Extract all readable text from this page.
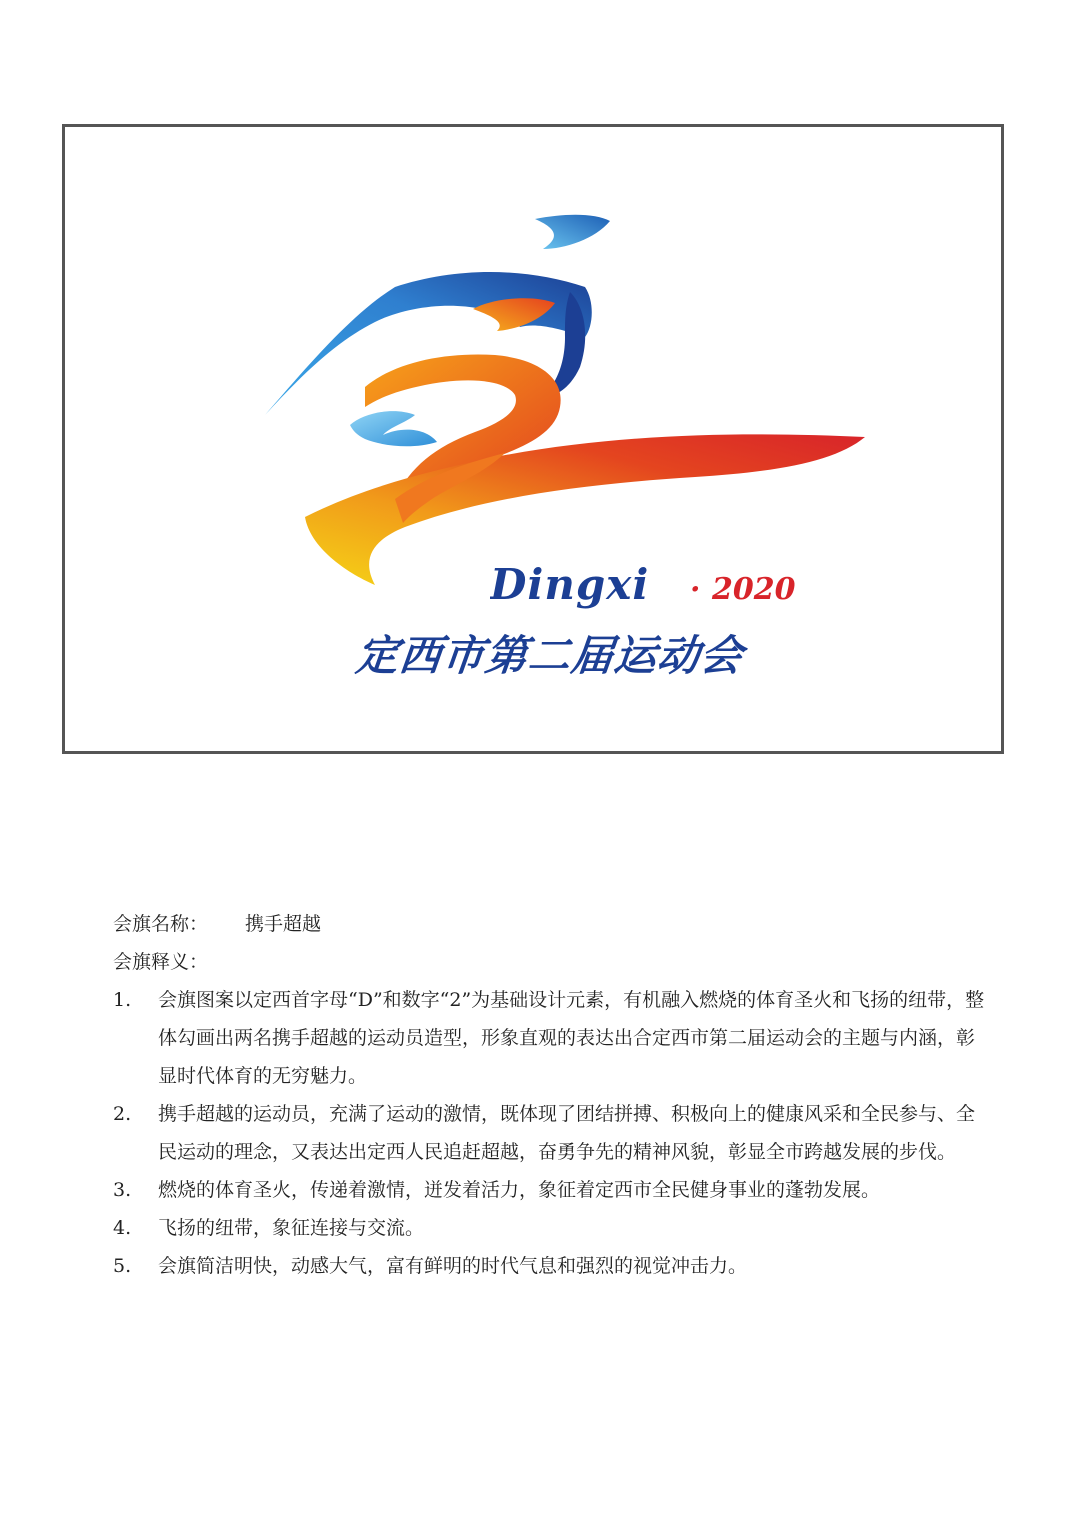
Dingxi · 2020
定西市第二届运动会
会旗名称：	携手超越
会旗释义：
1.	会旗图案以定西首字母“D”和数字“2”为基础设计元素，有机融入燃烧的体育圣火和飞扬的纽带，整体勾画出两名携手超越的运动员造型，形象直观的表达出合定西市第二届运动会的主题与内涵，彰显时代体育的无穷魅力。
2.	携手超越的运动员，充满了运动的激情，既体现了团结拼搏、积极向上的健康风采和全民参与、全民运动的理念，又表达出定西人民追赶超越，奋勇争先的精神风貌，彰显全市跨越发展的步伐。
3.	燃烧的体育圣火，传递着激情，迸发着活力，象征着定西市全民健身事业的蓬勃发展。
4.	飞扬的纽带，象征连接与交流。
5.	会旗简洁明快，动感大气，富有鲜明的时代气息和强烈的视觉冲击力。
